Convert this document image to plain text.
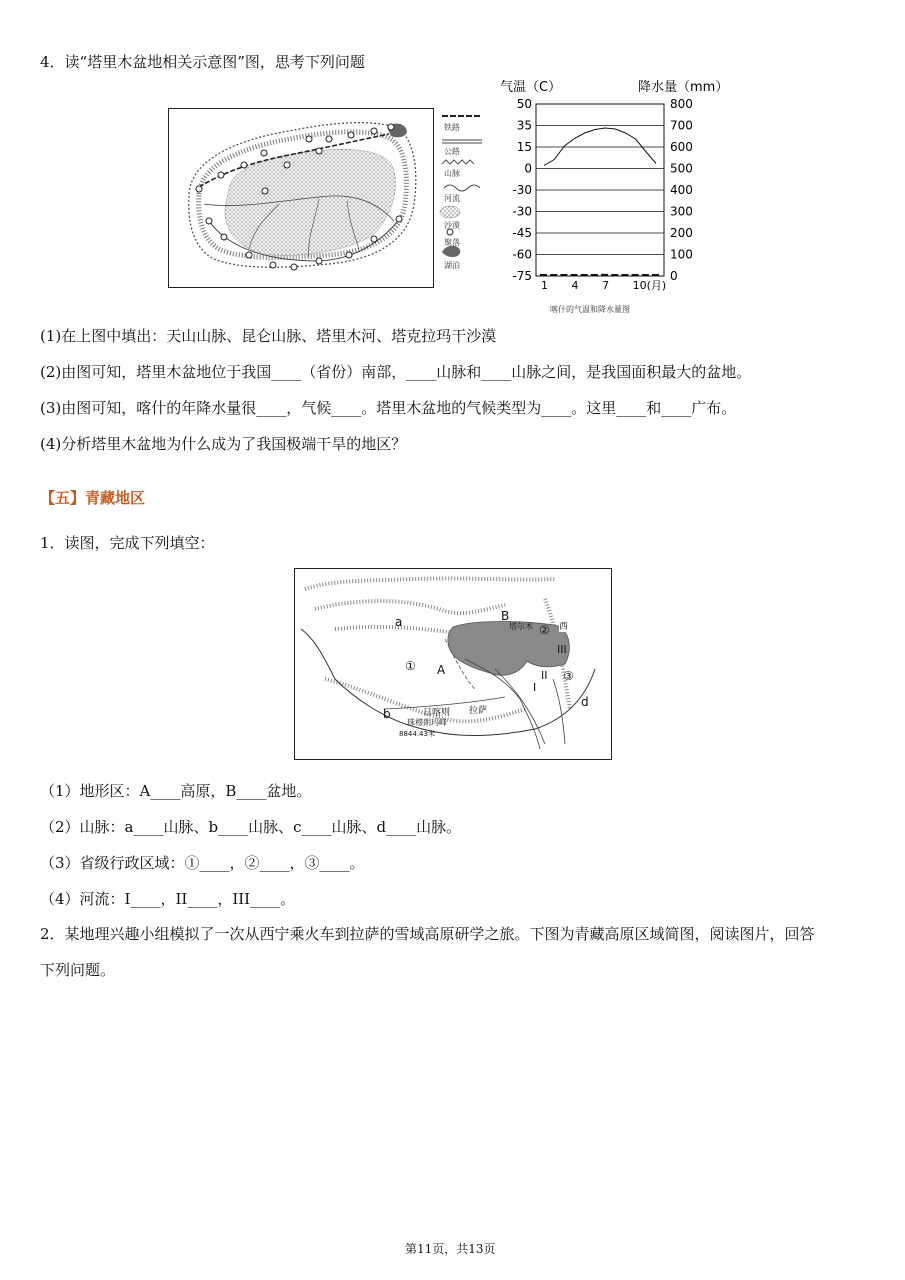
4．读“塔里木盆地相关示意图”图，思考下列问题
铁路
公路
山脉
河流
沙漠
聚落
湖泊
气温（C）	降水量（mm）
50
35
15
0
-30
-30
-45
-60
-75
800
700
600
500
400
300
200
100
0
1 4 7 10(月)
喀什的气温和降水量图
(1)在上图中填出：天山山脉、昆仑山脉、塔里木河、塔克拉玛干沙漠
(2)由图可知，塔里木盆地位于我国____（省份）南部，____山脉和____山脉之间，是我国面积最大的盆地。
(3)由图可知，喀什的年降水量很____，气候____。塔里木盆地的气候类型为____。这里____和____广布。
(4)分析塔里木盆地为什么成为了我国极端干旱的地区？
【五】青藏地区
1．读图，完成下列填空：
a	B
塔尔木 ② 西
III
① A	II
I
③
d
b	日喀则 拉萨
珠穆朗玛峰
8844.43米
（1）地形区：A____高原，B____盆地。
（2）山脉：a____山脉、b____山脉、c____山脉、d____山脉。
（3）省级行政区域：①____，②____，③____。
（4）河流：I____，II____，III____。
2．某地理兴趣小组模拟了一次从西宁乘火车到拉萨的雪域高原研学之旅。下图为青藏高原区域简图，阅读图片，回答
下列问题。
第11页，共13页
